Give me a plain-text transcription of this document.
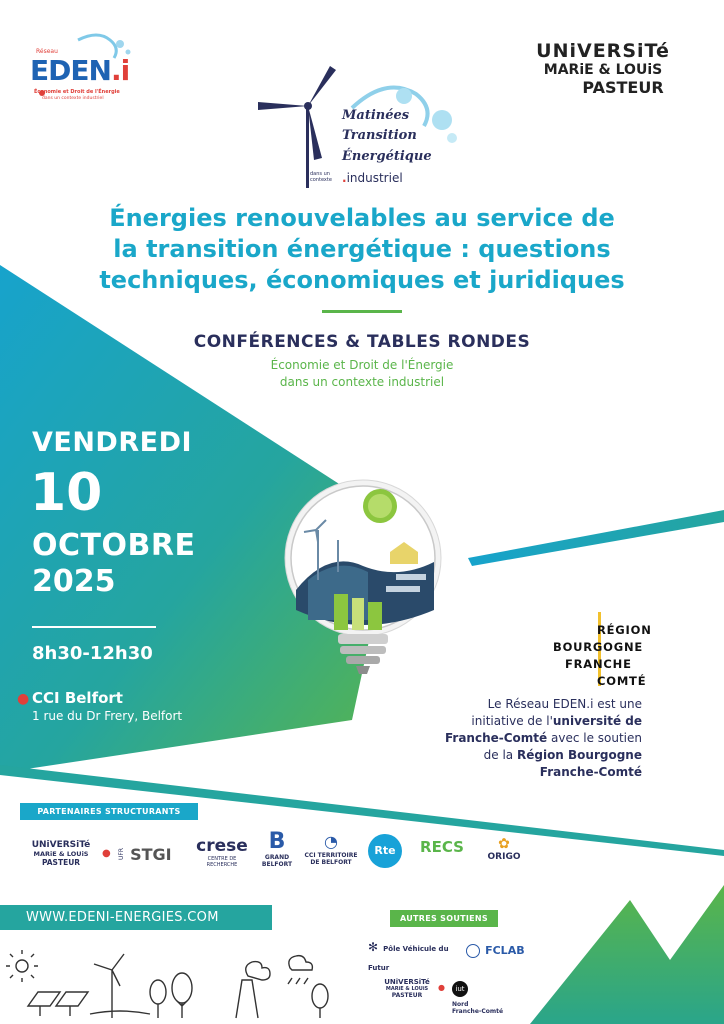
Réseau
EDEN.i
Économie et Droit de l'Énergie
dans un contexte industriel
UNiVERSiTé
MARiE & LOUiS
PASTEUR
Matinées
Transition
Énergétique
dans un contexte .industriel
Énergies renouvelables au service de
la transition énergétique : questions
techniques, économiques et juridiques
CONFÉRENCES & TABLES RONDES
Économie et Droit de l'Énergie
dans un contexte industriel
VENDREDI
10
OCTOBRE
2025
8h30-12h30
● CCI Belfort
1 rue du Dr Frery, Belfort
RÉGION
BOURGOGNE
FRANCHE
COMTÉ
Le Réseau EDEN.i est une
initiative de l'université de
Franche-Comté avec le soutien
de la Région Bourgogne
Franche-Comté
PARTENAIRES STRUCTURANTS
UNiVERSiTé
MARiE & LOUiS
PASTEUR
● UFR STGI crese
CENTRE DE RECHERCHE
B
GRAND
BELFORT
◔
CCI TERRITOIRE
DE BELFORT
Rte	RECS	✿
ORIGO
WWW.EDENI-ENERGIES.COM	AUTRES SOUTIENS
✻ Pôle Véhicule du Futur
FCLAB
UNiVERSiTé
MARiE & LOUiS
PASTEUR
●	iut
Nord
Franche-Comté
